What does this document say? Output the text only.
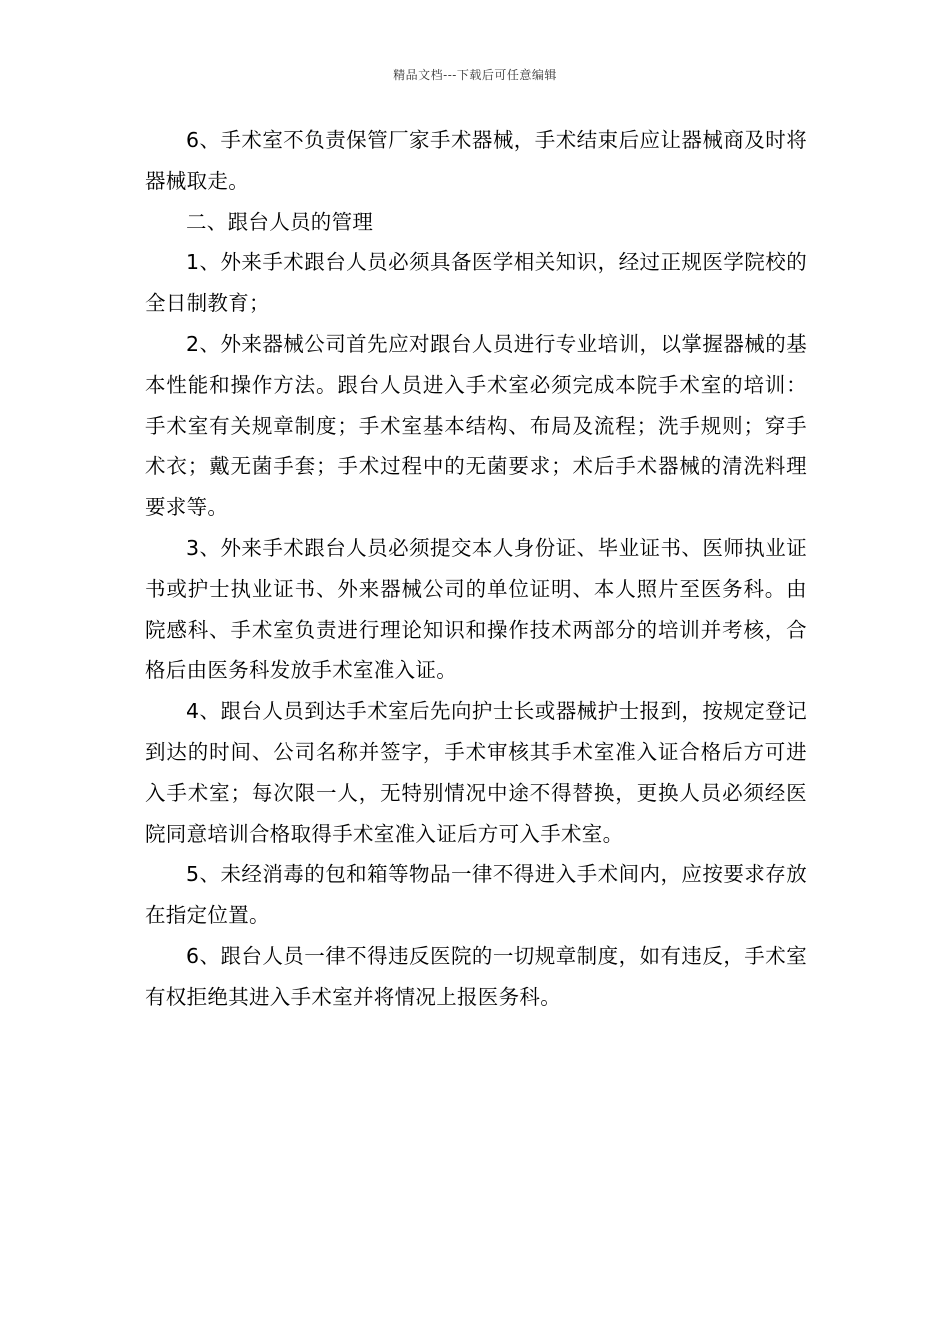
精品文档---下载后可任意编辑

6、手术室不负责保管厂家手术器械，手术结束后应让器械商及时将器械取走。

二、跟台人员的管理

1、外来手术跟台人员必须具备医学相关知识，经过正规医学院校的全日制教育；

2、外来器械公司首先应对跟台人员进行专业培训，以掌握器械的基本性能和操作方法。跟台人员进入手术室必须完成本院手术室的培训：手术室有关规章制度；手术室基本结构、布局及流程；洗手规则；穿手术衣；戴无菌手套；手术过程中的无菌要求；术后手术器械的清洗料理要求等。

3、外来手术跟台人员必须提交本人身份证、毕业证书、医师执业证书或护士执业证书、外来器械公司的单位证明、本人照片至医务科。由院感科、手术室负责进行理论知识和操作技术两部分的培训并考核，合格后由医务科发放手术室准入证。

4、跟台人员到达手术室后先向护士长或器械护士报到，按规定登记到达的时间、公司名称并签字，手术审核其手术室准入证合格后方可进入手术室；每次限一人，无特别情况中途不得替换，更换人员必须经医院同意培训合格取得手术室准入证后方可入手术室。

5、未经消毒的包和箱等物品一律不得进入手术间内，应按要求存放在指定位置。

6、跟台人员一律不得违反医院的一切规章制度，如有违反，手术室有权拒绝其进入手术室并将情况上报医务科。
